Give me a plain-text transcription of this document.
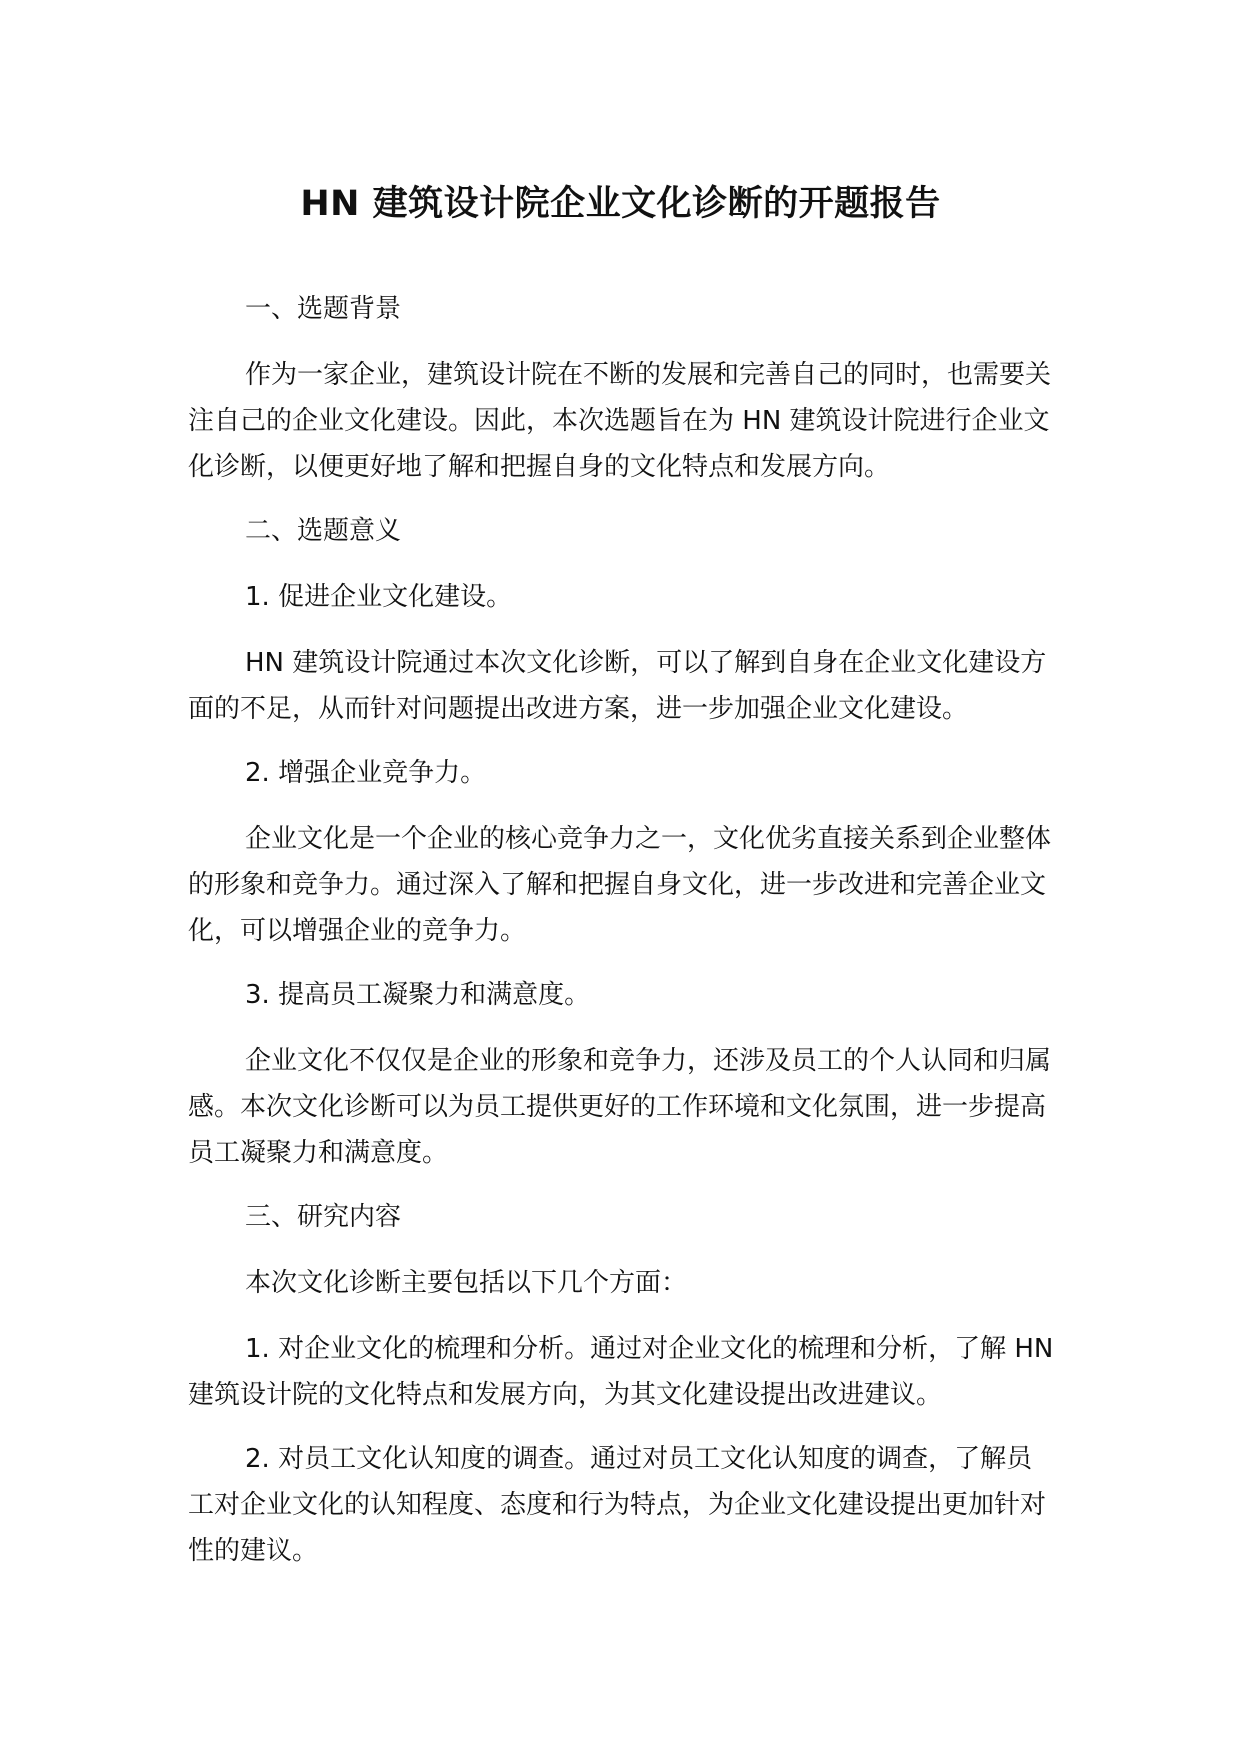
HN 建筑设计院企业文化诊断的开题报告

一、选题背景

作为一家企业，建筑设计院在不断的发展和完善自己的同时，也需要关注自己的企业文化建设。因此，本次选题旨在为 HN 建筑设计院进行企业文化诊断，以便更好地了解和把握自身的文化特点和发展方向。

二、选题意义

1. 促进企业文化建设。

HN 建筑设计院通过本次文化诊断，可以了解到自身在企业文化建设方面的不足，从而针对问题提出改进方案，进一步加强企业文化建设。

2. 增强企业竞争力。

企业文化是一个企业的核心竞争力之一，文化优劣直接关系到企业整体的形象和竞争力。通过深入了解和把握自身文化，进一步改进和完善企业文化，可以增强企业的竞争力。

3. 提高员工凝聚力和满意度。

企业文化不仅仅是企业的形象和竞争力，还涉及员工的个人认同和归属感。本次文化诊断可以为员工提供更好的工作环境和文化氛围，进一步提高员工凝聚力和满意度。

三、研究内容

本次文化诊断主要包括以下几个方面：

1. 对企业文化的梳理和分析。通过对企业文化的梳理和分析，了解 HN 建筑设计院的文化特点和发展方向，为其文化建设提出改进建议。

2. 对员工文化认知度的调查。通过对员工文化认知度的调查，了解员工对企业文化的认知程度、态度和行为特点，为企业文化建设提出更加针对性的建议。
